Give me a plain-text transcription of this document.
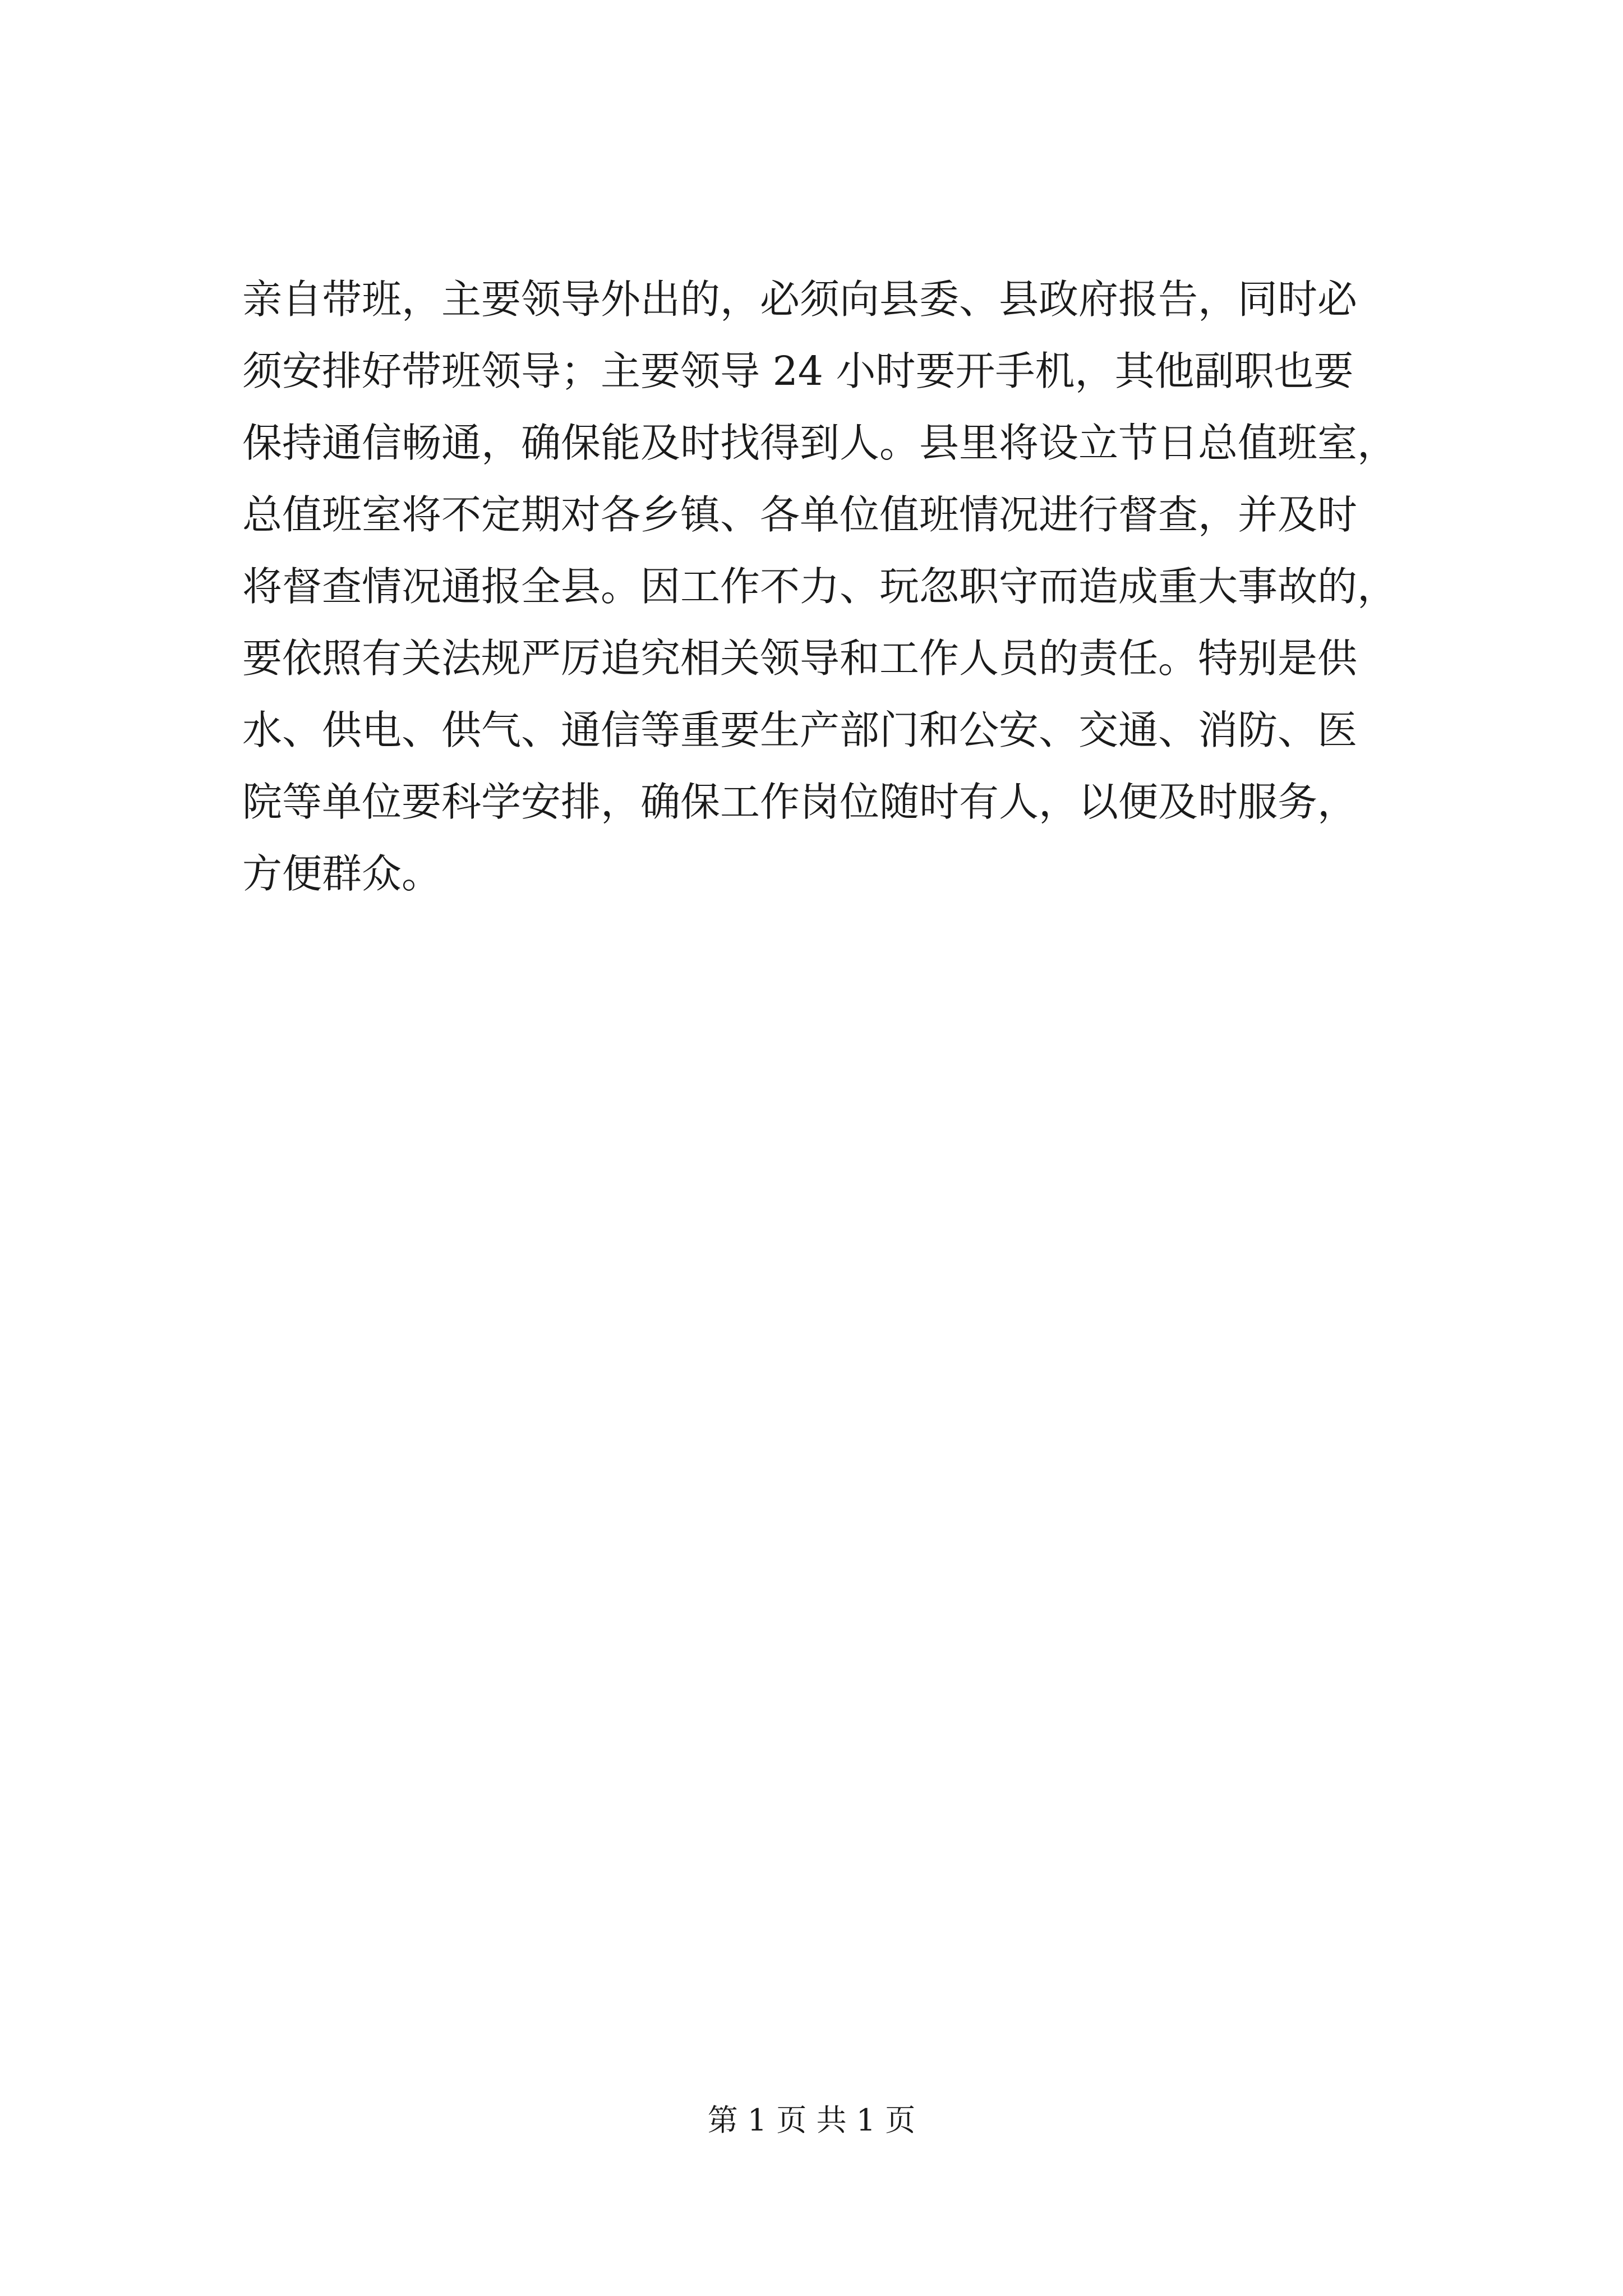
亲自带班，主要领导外出的，必须向县委、县政府报告，同时必
须安排好带班领导；主要领导 24 小时要开手机，其他副职也要
保持通信畅通，确保能及时找得到人。县里将设立节日总值班室，
总值班室将不定期对各乡镇、各单位值班情况进行督查，并及时
将督查情况通报全县。因工作不力、玩忽职守而造成重大事故的，
要依照有关法规严厉追究相关领导和工作人员的责任。特别是供
水、供电、供气、通信等重要生产部门和公安、交通、消防、医
院等单位要科学安排，确保工作岗位随时有人，以便及时服务，
方便群众。
第 1 页 共 1 页
